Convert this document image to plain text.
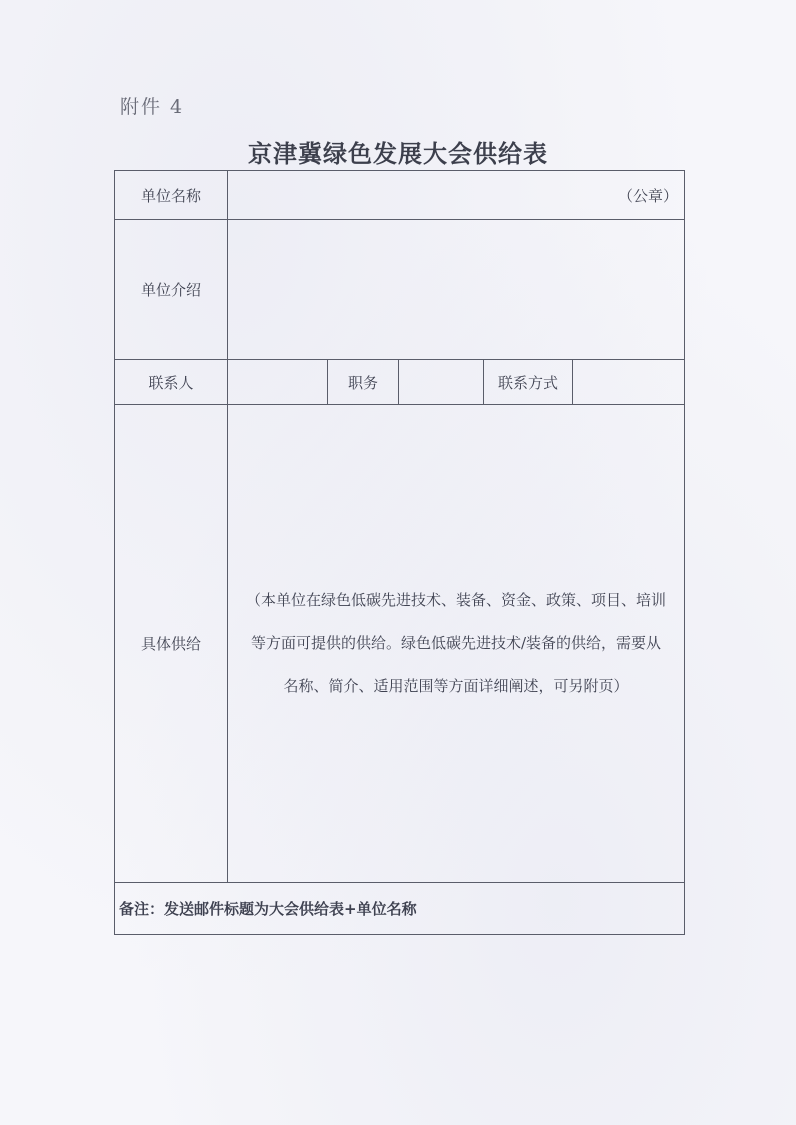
附件 4
京津冀绿色发展大会供给表
单位名称	（公章）				
单位介绍					
联系人		职务		联系方式	
具体供给	（本单位在绿色低碳先进技术、装备、资金、政策、项目、培训
等方面可提供的供给。绿色低碳先进技术/装备的供给，需要从
名称、简介、适用范围等方面详细阐述，可另附页）				

备注：发送邮件标题为大会供给表+单位名称					
